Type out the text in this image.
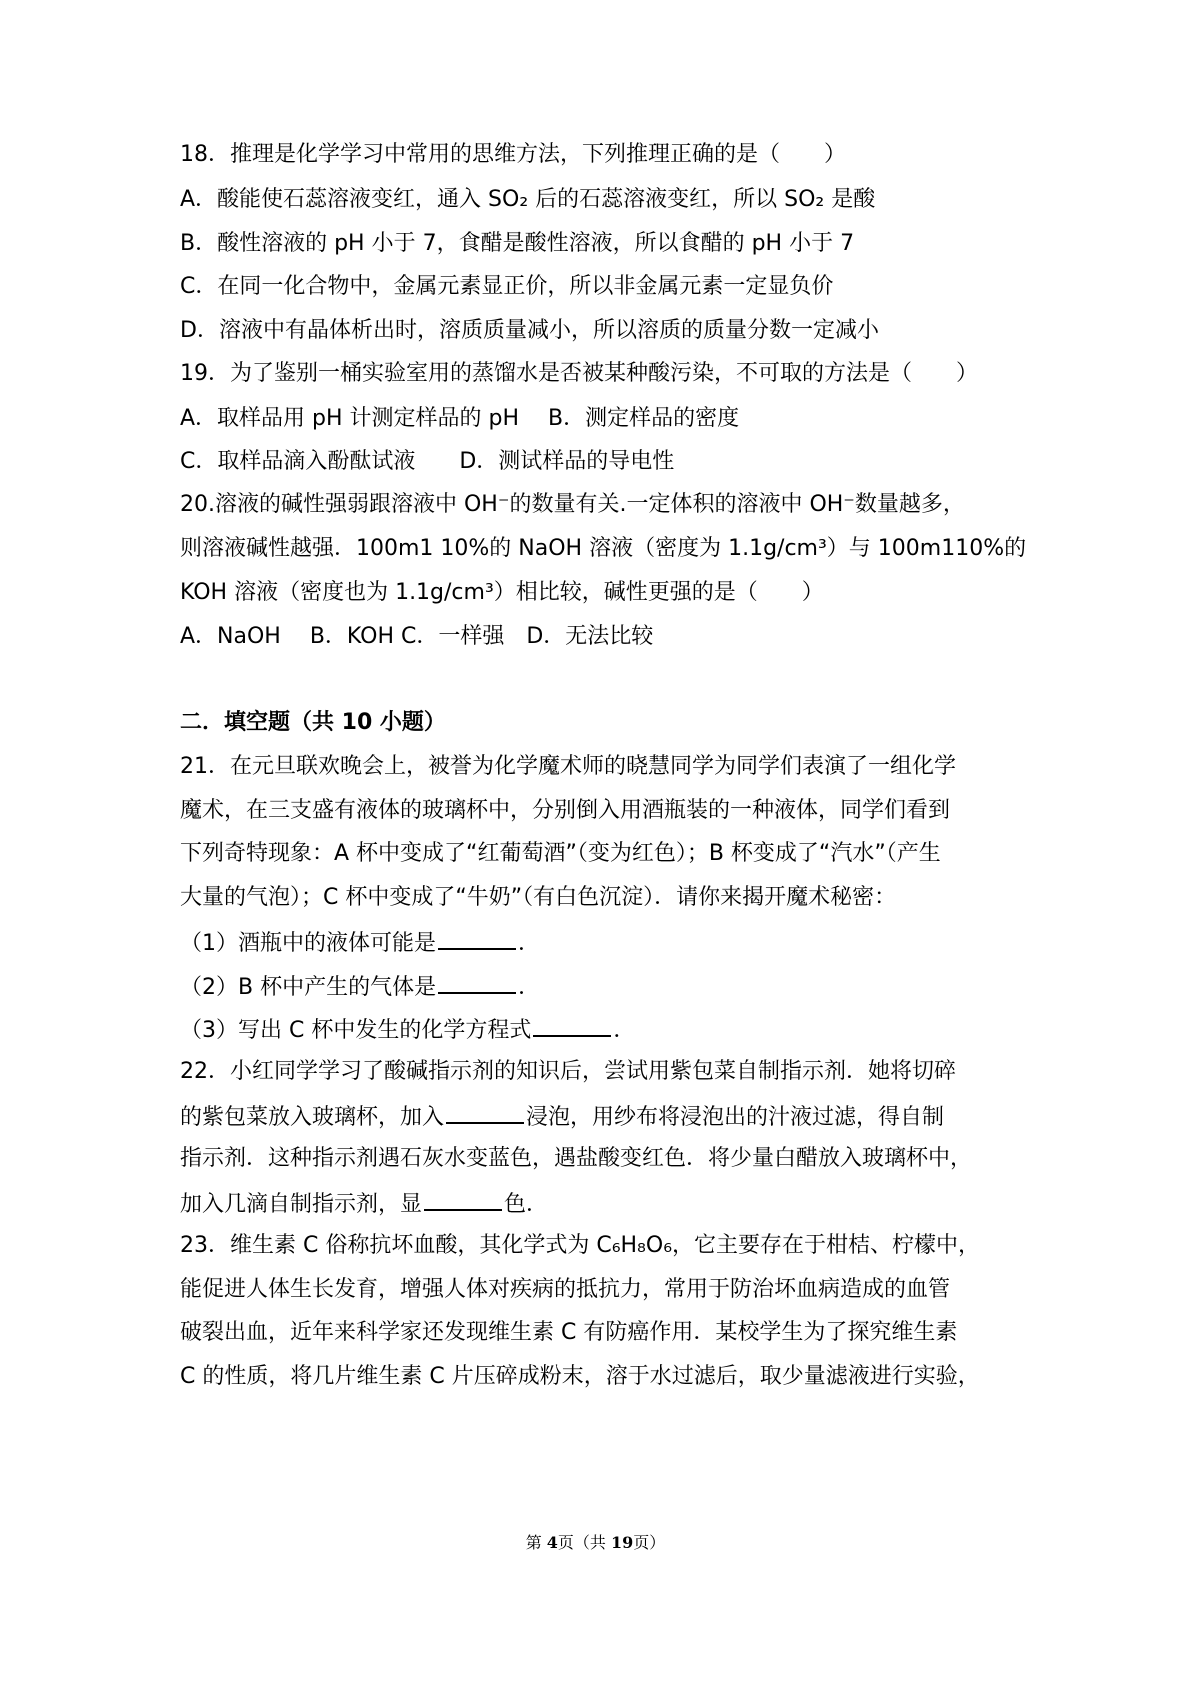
18．推理是化学学习中常用的思维方法，下列推理正确的是（　　）
A．酸能使石蕊溶液变红，通入 SO₂ 后的石蕊溶液变红，所以 SO₂ 是酸
B．酸性溶液的 pH 小于 7，食醋是酸性溶液，所以食醋的 pH 小于 7
C．在同一化合物中，金属元素显正价，所以非金属元素一定显负价
D．溶液中有晶体析出时，溶质质量减小，所以溶质的质量分数一定减小
19．为了鉴别一桶实验室用的蒸馏水是否被某种酸污染，不可取的方法是（　　）
A．取样品用 pH 计测定样品的 pH　 B．测定样品的密度
C．取样品滴入酚酞试液　　D．测试样品的导电性
20.溶液的碱性强弱跟溶液中 OH⁻的数量有关.一定体积的溶液中 OH⁻数量越多，
则溶液碱性越强．100m1 10%的 NaOH 溶液（密度为 1.1g/cm³）与 100m110%的
KOH 溶液（密度也为 1.1g/cm³）相比较，碱性更强的是（　　）
A．NaOH　 B．KOH C．一样强　D．无法比较
二．填空题（共 10 小题）
21．在元旦联欢晚会上，被誉为化学魔术师的晓慧同学为同学们表演了一组化学
魔术，在三支盛有液体的玻璃杯中，分别倒入用酒瓶装的一种液体，同学们看到
下列奇特现象：A 杯中变成了“红葡萄酒”（变为红色）；B 杯变成了“汽水”（产生
大量的气泡）；C 杯中变成了“牛奶”（有白色沉淀）．请你来揭开魔术秘密：
（1）酒瓶中的液体可能是	．
（2）B 杯中产生的气体是	．
（3）写出 C 杯中发生的化学方程式	．
22．小红同学学习了酸碱指示剂的知识后，尝试用紫包菜自制指示剂．她将切碎
的紫包菜放入玻璃杯，加入	浸泡，用纱布将浸泡出的汁液过滤，得自制
指示剂．这种指示剂遇石灰水变蓝色，遇盐酸变红色．将少量白醋放入玻璃杯中，
加入几滴自制指示剂，显	色．
23．维生素 C 俗称抗坏血酸，其化学式为 C₆H₈O₆，它主要存在于柑桔、柠檬中，
能促进人体生长发育，增强人体对疾病的抵抗力，常用于防治坏血病造成的血管
破裂出血，近年来科学家还发现维生素 C 有防癌作用．某校学生为了探究维生素
C 的性质，将几片维生素 C 片压碎成粉末，溶于水过滤后，取少量滤液进行实验，
第 4页（共 19页）
